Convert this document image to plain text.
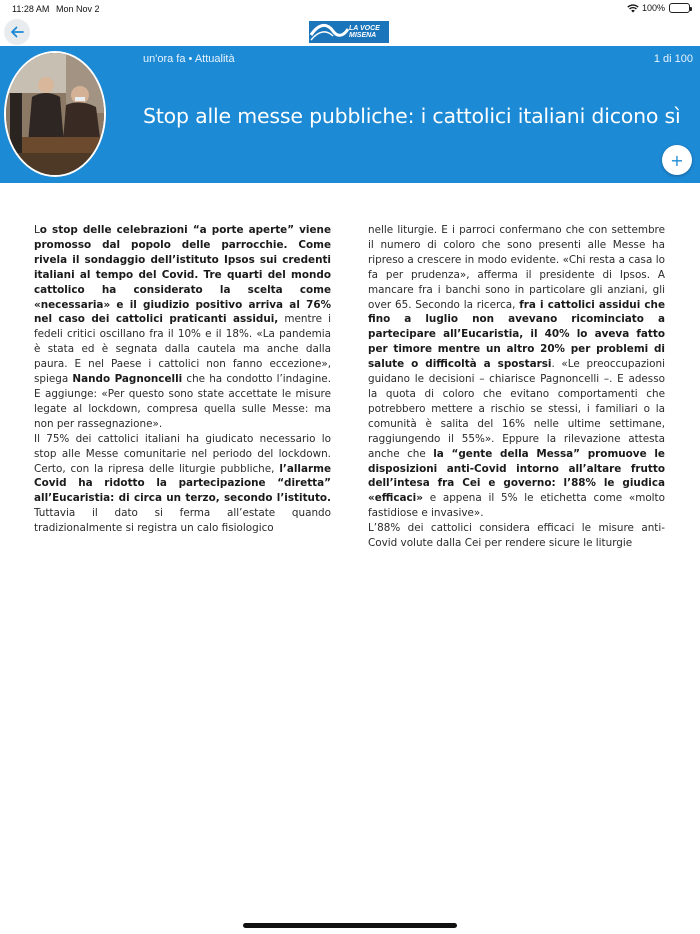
11:28 AM Mon Nov 2	100%
LA VOCE
MISENA
un'ora fa • Attualità	1 di 100
Stop alle messe pubbliche: i cattolici italiani dicono sì
+

Lo stop delle celebrazioni “a porte aperte” viene promosso dal popolo delle parrocchie. Come rivela il sondaggio dell’istituto Ipsos sui credenti italiani al tempo del Covid. Tre quarti del mondo cattolico ha considerato la scelta come «necessaria» e il giudizio positivo arriva al 76% nel caso dei cattolici praticanti assidui, mentre i fedeli critici oscillano fra il 10% e il 18%. «La pandemia è stata ed è segnata dalla cautela ma anche dalla paura. E nel Paese i cattolici non fanno eccezione», spiega Nando Pagnoncelli che ha condotto l’indagine. E aggiunge: «Per questo sono state accettate le misure legate al lockdown, compresa quella sulle Messe: ma non per rassegnazione».
Il 75% dei cattolici italiani ha giudicato necessario lo stop alle Messe comunitarie nel periodo del lockdown. Certo, con la ripresa delle liturgie pubbliche, l’allarme Covid ha ridotto la partecipazione “diretta” all’Eucaristia: di circa un terzo, secondo l’istituto. Tuttavia il dato si ferma all’estate quando tradizionalmente si registra un calo fisiologico

nelle liturgie. E i parroci confermano che con settembre il numero di coloro che sono presenti alle Messe ha ripreso a crescere in modo evidente. «Chi resta a casa lo fa per prudenza», afferma il presidente di Ipsos. A mancare fra i banchi sono in particolare gli anziani, gli over 65. Secondo la ricerca, fra i cattolici assidui che fino a luglio non avevano ricominciato a partecipare all’Eucaristia, il 40% lo aveva fatto per timore mentre un altro 20% per problemi di salute o difficoltà a spostarsi. «Le preoccupazioni guidano le decisioni – chiarisce Pagnoncelli –. E adesso la quota di coloro che evitano comportamenti che potrebbero mettere a rischio se stessi, i familiari o la comunità è salita del 16% nelle ultime settimane, raggiungendo il 55%». Eppure la rilevazione attesta anche che la “gente della Messa” promuove le disposizioni anti-Covid intorno all’altare frutto dell’intesa fra Cei e governo: l’88% le giudica «efficaci» e appena il 5% le etichetta come «molto fastidiose e invasive».
L’88% dei cattolici considera efficaci le misure anti-Covid volute dalla Cei per rendere sicure le liturgie
